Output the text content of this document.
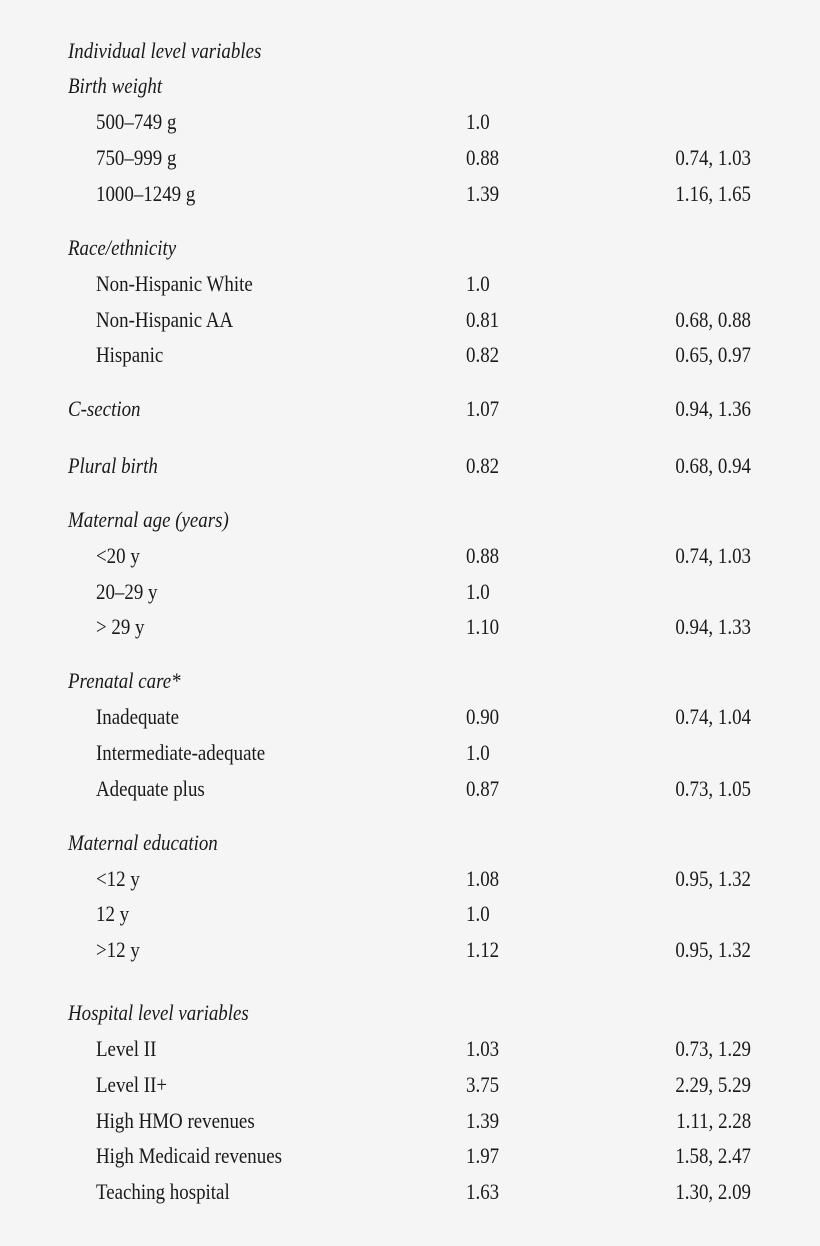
Individual level variables
Birth weight
500–749 g	1.0
750–999 g	0.88	0.74, 1.03
1000–1249 g	1.39	1.16, 1.65
Race/ethnicity
Non-Hispanic White	1.0
Non-Hispanic AA	0.81	0.68, 0.88
Hispanic	0.82	0.65, 0.97
C-section	1.07	0.94, 1.36
Plural birth	0.82	0.68, 0.94
Maternal age (years)
<20 y	0.88	0.74, 1.03
20–29 y	1.0
> 29 y	1.10	0.94, 1.33
Prenatal care*
Inadequate	0.90	0.74, 1.04
Intermediate-adequate	1.0
Adequate plus	0.87	0.73, 1.05
Maternal education
<12 y	1.08	0.95, 1.32
12 y	1.0
>12 y	1.12	0.95, 1.32
Hospital level variables
Level II	1.03	0.73, 1.29
Level II+	3.75	2.29, 5.29
High HMO revenues	1.39	1.11, 2.28
High Medicaid revenues	1.97	1.58, 2.47
Teaching hospital	1.63	1.30, 2.09
